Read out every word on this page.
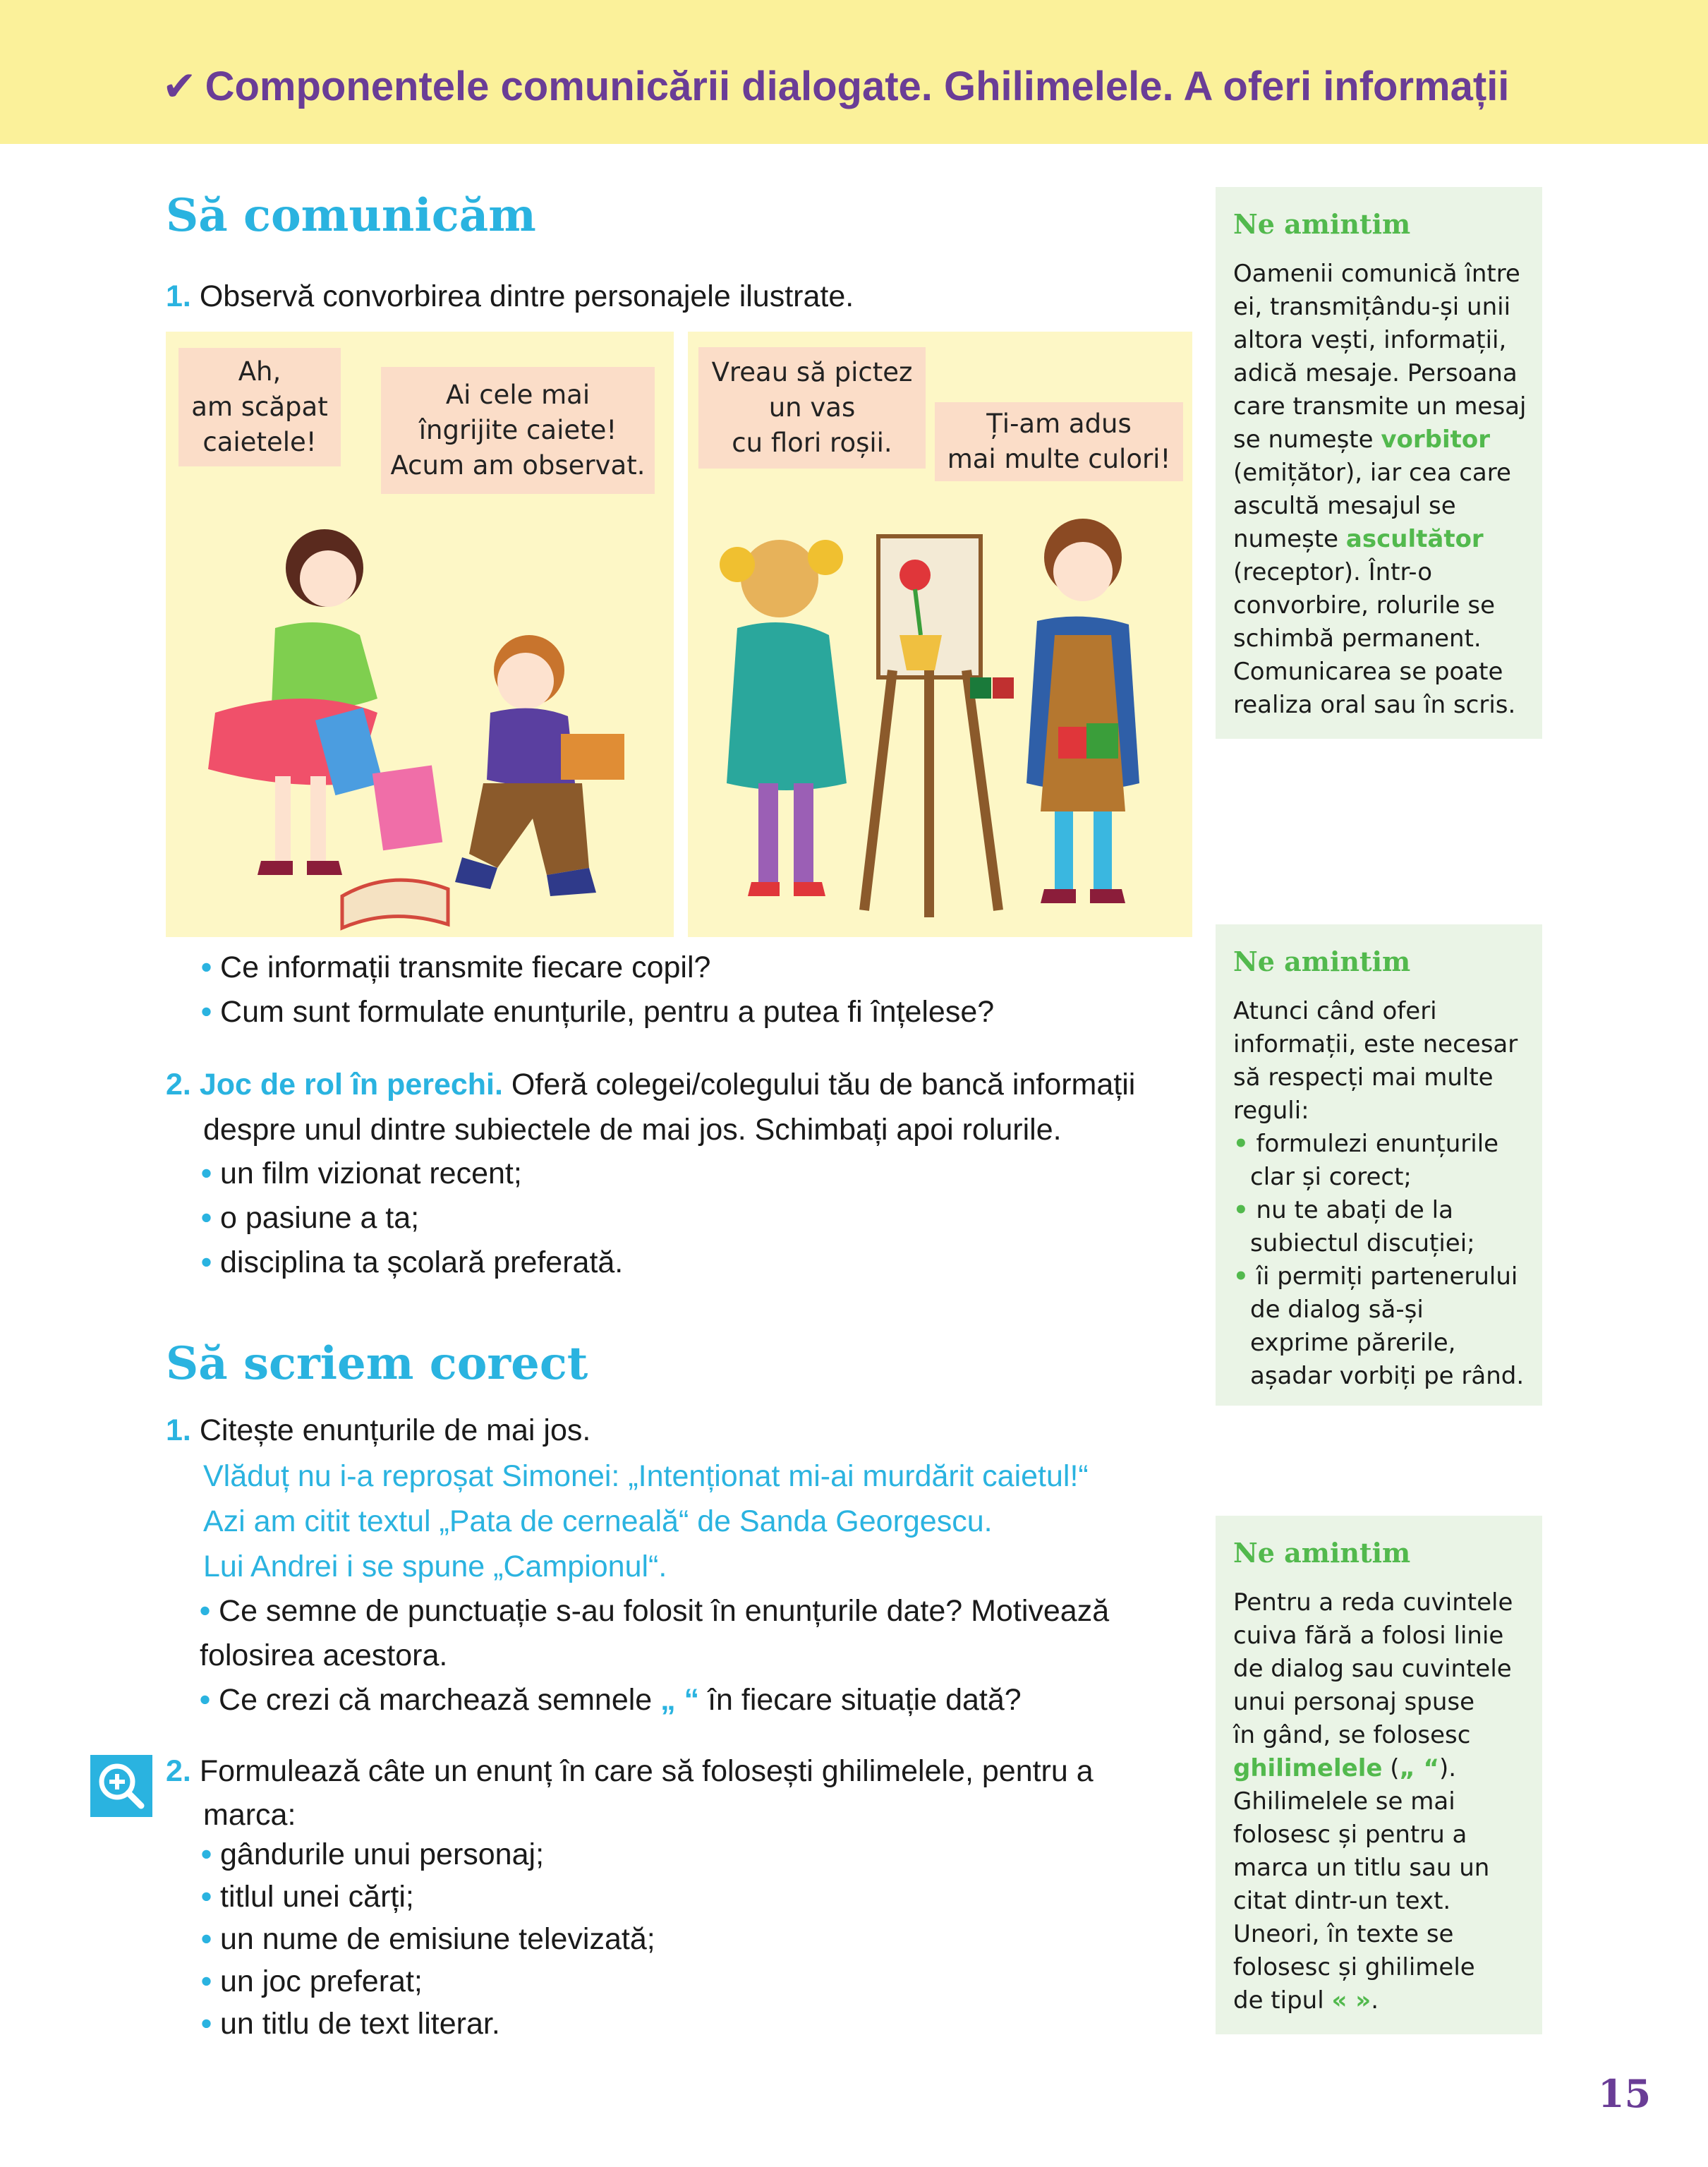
✔ Componentele comunicării dialogate. Ghilimelele. A oferi informații
Să comunicăm
1. Observă convorbirea dintre personajele ilustrate.
Ah,
am scăpat
caietele!
Ai cele mai
îngrijite caiete!
Acum am observat.
Vreau să pictez
un vas
cu flori roșii.
Ți-am adus
mai multe culori!
• Ce informații transmite fiecare copil?
• Cum sunt formulate enunțurile, pentru a putea fi înțelese?
2. Joc de rol în perechi. Oferă colegei/colegului tău de bancă informații
despre unul dintre subiectele de mai jos. Schimbați apoi rolurile.
• un film vizionat recent;
• o pasiune a ta;
• disciplina ta școlară preferată.
Să scriem corect
1. Citește enunțurile de mai jos.
Vlăduț nu i-a reproșat Simonei: „Intenționat mi-ai murdărit caietul!“
Azi am citit textul „Pata de cerneală“ de Sanda Georgescu.
Lui Andrei i se spune „Campionul“.
• Ce semne de punctuație s-au folosit în enunțurile date? Motivează
folosirea acestora.
• Ce crezi că marchează semnele „ “ în fiecare situație dată?
2. Formulează câte un enunț în care să folosești ghilimelele, pentru a
marca:
• gândurile unui personaj;
• titlul unei cărți;
• un nume de emisiune televizată;
• un joc preferat;
• un titlu de text literar.
Ne amintim
Oamenii comunică între
ei, transmițându-și unii
altora vești, informații,
adică mesaje. Persoana
care transmite un mesaj
se numește vorbitor
(emițător), iar cea care
ascultă mesajul se
numește ascultător
(receptor). Într-o
convorbire, rolurile se
schimbă permanent.
Comunicarea se poate
realiza oral sau în scris.
Ne amintim
Atunci când oferi
informații, este necesar
să respecți mai multe
reguli:
• formulezi enunțurile
clar și corect;
• nu te abați de la
subiectul discuției;
• îi permiți partenerului
de dialog să-și
exprime părerile,
așadar vorbiți pe rând.
Ne amintim
Pentru a reda cuvintele
cuiva fără a folosi linie
de dialog sau cuvintele
unui personaj spuse
în gând, se folosesc
ghilimelele („ “).
Ghilimelele se mai
folosesc și pentru a
marca un titlu sau un
citat dintr-un text.
Uneori, în texte se
folosesc și ghilimele
de tipul « ».
15
